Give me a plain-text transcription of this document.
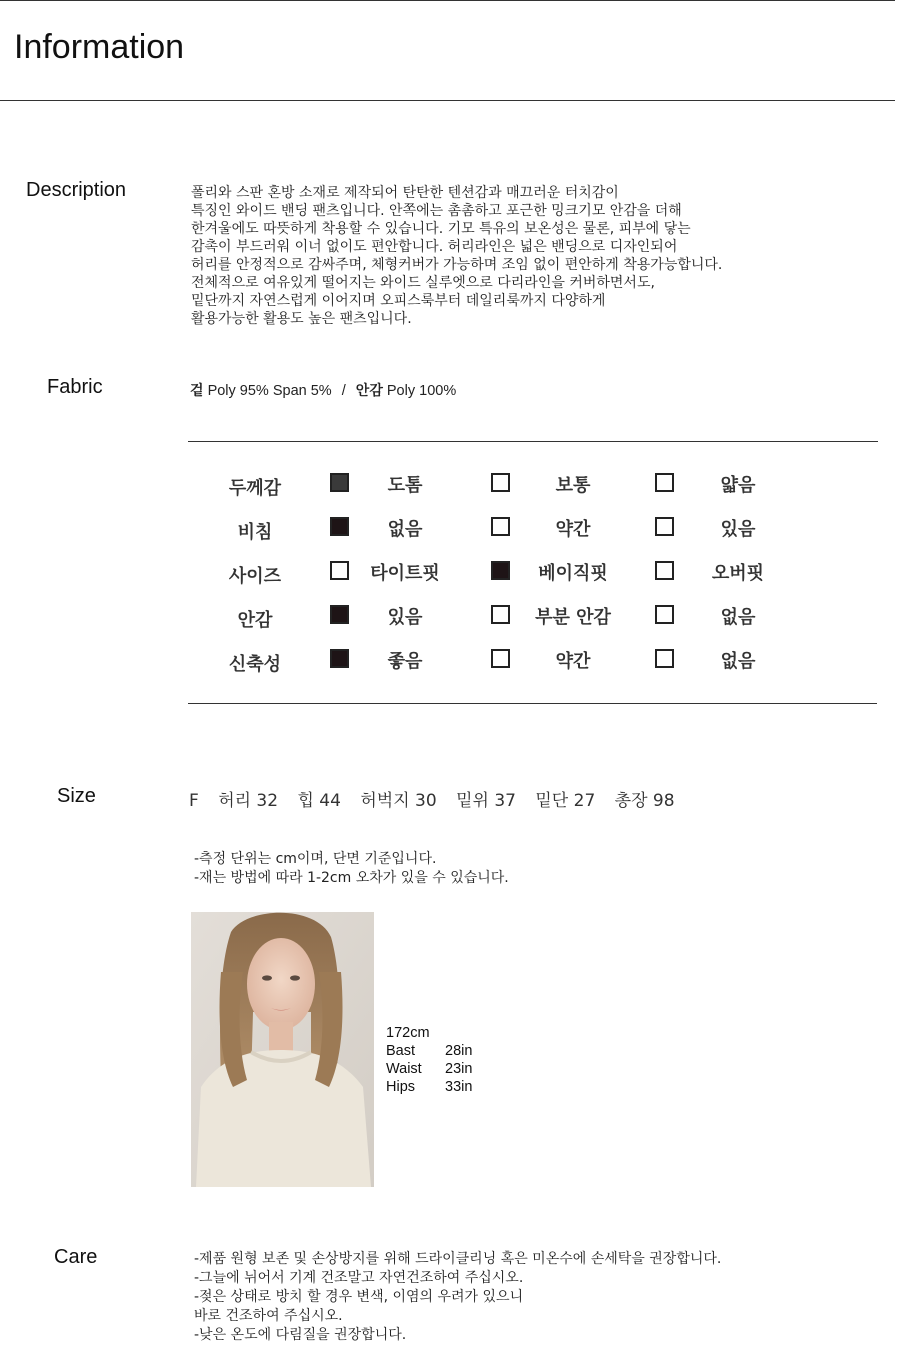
Information
Description	폴리와 스판 혼방 소재로 제작되어 탄탄한 텐션감과 매끄러운 터치감이
특징인 와이드 밴딩 팬츠입니다. 안쪽에는 촘촘하고 포근한 밍크기모 안감을 더해
한겨울에도 따뜻하게 착용할 수 있습니다. 기모 특유의 보온성은 물론, 피부에 닿는
감촉이 부드러워 이너 없이도 편안합니다. 허리라인은 넓은 밴딩으로 디자인되어
허리를 안정적으로 감싸주며, 체형커버가 가능하며 조임 없이 편안하게 착용가능합니다.
전체적으로 여유있게 떨어지는 와이드 실루엣으로 다리라인을 커버하면서도,
밑단까지 자연스럽게 이어지며 오피스룩부터 데일리룩까지 다양하게
활용가능한 활용도 높은 팬츠입니다.
Fabric	겉 Poly 95% Span 5% / 안감 Poly 100%
두께감	도톰	보통	얇음
비침	없음	약간	있음
사이즈	타이트핏	베이직핏	오버핏
안감	있음	부분 안감	없음
신축성	좋음	약간	없음
Size	F 허리 32 힙 44 허벅지 30 밑위 37 밑단 27 총장 98
-측정 단위는 cm이며, 단면 기준입니다.
-재는 방법에 따라 1-2cm 오차가 있을 수 있습니다.
172cm
Bast 28in
Waist 23in
Hips 33in
Care	-제품 원형 보존 및 손상방지를 위해 드라이클리닝 혹은 미온수에 손세탁을 권장합니다.
-그늘에 뉘어서 기계 건조말고 자연건조하여 주십시오.
-젖은 상태로 방치 할 경우 변색, 이염의 우려가 있으니
바로 건조하여 주십시오.
-낮은 온도에 다림질을 권장합니다.
